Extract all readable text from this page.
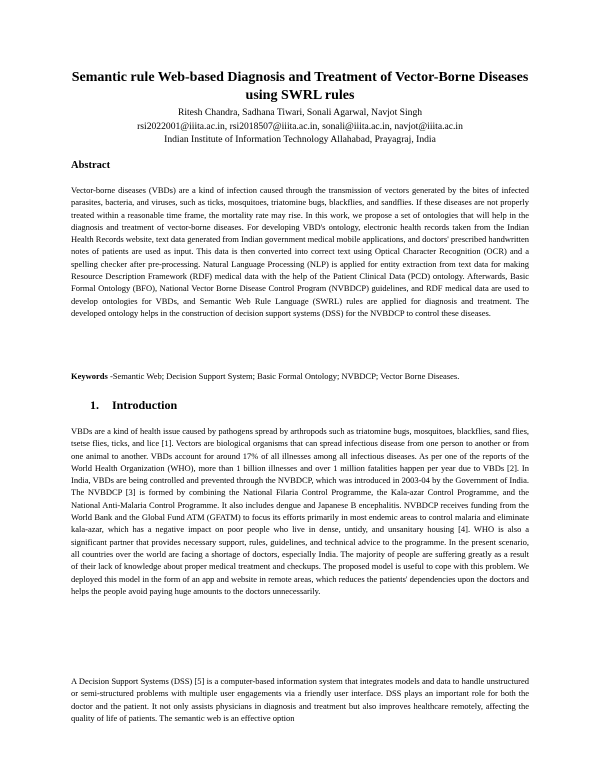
Semantic rule Web-based Diagnosis and Treatment of Vector-Borne Diseases
using SWRL rules

Ritesh Chandra, Sadhana Tiwari, Sonali Agarwal, Navjot Singh

rsi2022001@iiita.ac.in, rsi2018507@iiita.ac.in, sonali@iiita.ac.in, navjot@iiita.ac.in

Indian Institute of Information Technology Allahabad, Prayagraj, India

Abstract

Vector-borne diseases (VBDs) are a kind of infection caused through the transmission of vectors generated by the bites of infected parasites, bacteria, and viruses, such as ticks, mosquitoes, triatomine bugs, blackflies, and sandflies. If these diseases are not properly treated within a reasonable time frame, the mortality rate may rise. In this work, we propose a set of ontologies that will help in the diagnosis and treatment of vector-borne diseases. For developing VBD's ontology, electronic health records taken from the Indian Health Records website, text data generated from Indian government medical mobile applications, and doctors' prescribed handwritten notes of patients are used as input. This data is then converted into correct text using Optical Character Recognition (OCR) and a spelling checker after pre-processing. Natural Language Processing (NLP) is applied for entity extraction from text data for making Resource Description Framework (RDF) medical data with the help of the Patient Clinical Data (PCD) ontology. Afterwards, Basic Formal Ontology (BFO), National Vector Borne Disease Control Program (NVBDCP) guidelines, and RDF medical data are used to develop ontologies for VBDs, and Semantic Web Rule Language (SWRL) rules are applied for diagnosis and treatment. The developed ontology helps in the construction of decision support systems (DSS) for the NVBDCP to control these diseases.

Keywords -Semantic Web; Decision Support System; Basic Formal Ontology; NVBDCP; Vector Borne Diseases.

1. Introduction

VBDs are a kind of health issue caused by pathogens spread by arthropods such as triatomine bugs, mosquitoes, blackflies, sand flies, tsetse flies, ticks, and lice [1]. Vectors are biological organisms that can spread infectious disease from one person to another or from one animal to another. VBDs account for around 17% of all illnesses among all infectious diseases. As per one of the reports of the World Health Organization (WHO), more than 1 billion illnesses and over 1 million fatalities happen per year due to VBDs [2]. In India, VBDs are being controlled and prevented through the NVBDCP, which was introduced in 2003-04 by the Government of India. The NVBDCP [3] is formed by combining the National Filaria Control Programme, the Kala-azar Control Programme, and the National Anti-Malaria Control Programme. It also includes dengue and Japanese B encephalitis. NVBDCP receives funding from the World Bank and the Global Fund ATM (GFATM) to focus its efforts primarily in most endemic areas to control malaria and eliminate kala-azar, which has a negative impact on poor people who live in dense, untidy, and unsanitary housing [4]. WHO is also a significant partner that provides necessary support, rules, guidelines, and technical advice to the programme. In the present scenario, all countries over the world are facing a shortage of doctors, especially India. The majority of people are suffering greatly as a result of their lack of knowledge about proper medical treatment and checkups. The proposed model is useful to cope with this problem. We deployed this model in the form of an app and website in remote areas, which reduces the patients' dependencies upon the doctors and helps the people avoid paying huge amounts to the doctors unnecessarily.

A Decision Support Systems (DSS) [5] is a computer-based information system that integrates models and data to handle unstructured or semi-structured problems with multiple user engagements via a friendly user interface. DSS plays an important role for both the doctor and the patient. It not only assists physicians in diagnosis and treatment but also improves healthcare remotely, affecting the quality of life of patients. The semantic web is an effective option
